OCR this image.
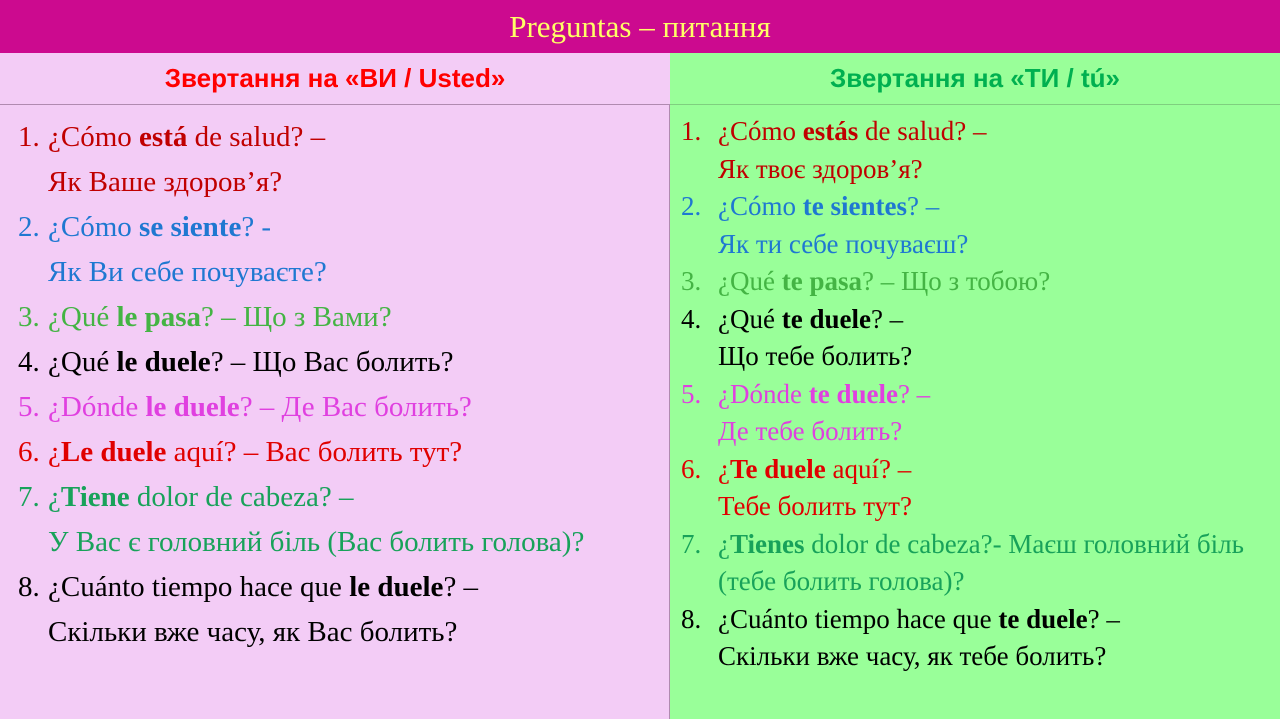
Preguntas – питання
Звертання на «ВИ / Usted»	Звертання на «ТИ / tú»
1. ¿Cómo está de salud? –
Як Ваше здоров’я?
2. ¿Cómo se siente? -
Як Ви себе почуваєте?
3. ¿Qué le pasa? – Що з Вами?
4. ¿Qué le duele? – Що Вас болить?
5. ¿Dónde le duele? – Де Вас болить?
6. ¿Le duele aquí? – Вас болить тут?
7. ¿Tiene dolor de cabeza? –
У Вас є головний біль (Вас болить голова)?
8. ¿Cuánto tiempo hace que le duele? –
Скільки вже часу, як Вас болить?
1. ¿Cómo estás de salud? –
Як твоє здоров’я?
2. ¿Cómo te sientes? –
Як ти себе почуваєш?
3. ¿Qué te pasa? – Що з тобою?
4. ¿Qué te duele? –
Що тебе болить?
5. ¿Dónde te duele? –
Де тебе болить?
6. ¿Te duele aquí? –
Тебе болить тут?
7. ¿Tienes dolor de cabeza?- Маєш головний біль (тебе болить голова)?
8. ¿Cuánto tiempo hace que te duele? –
Скільки вже часу, як тебе болить?
